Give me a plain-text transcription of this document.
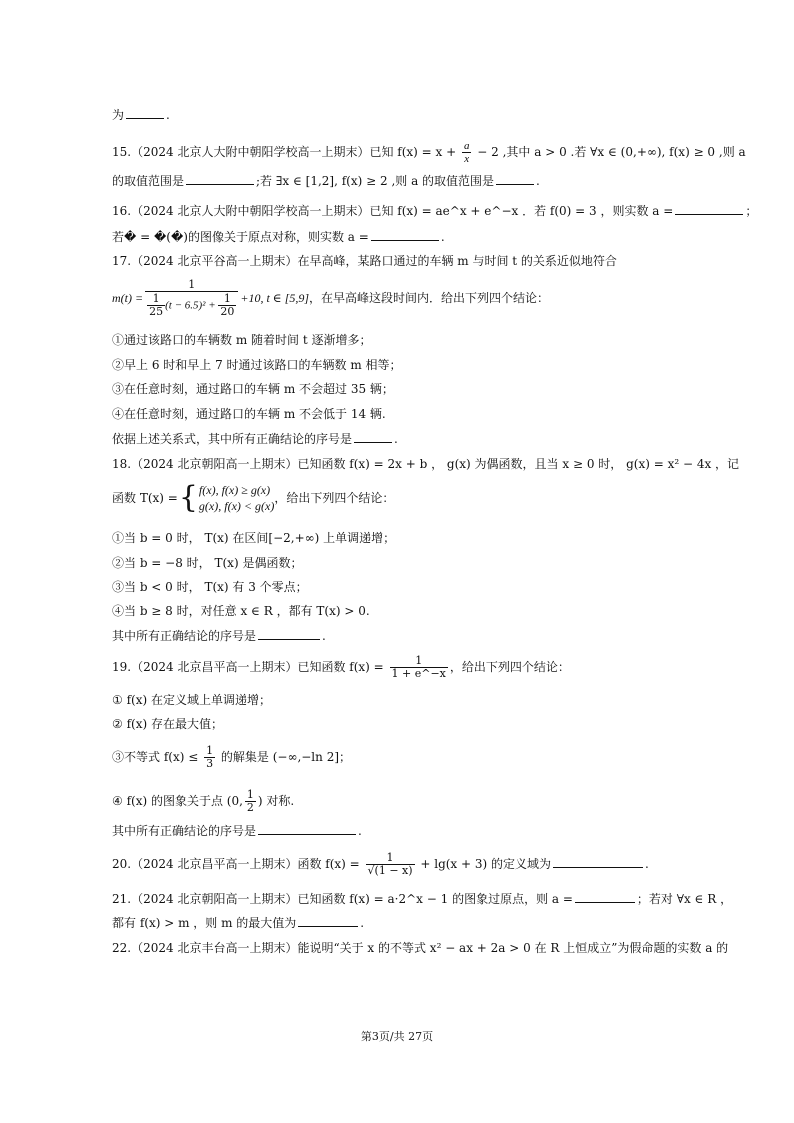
为	.
15.（2024 北京人大附中朝阳学校高一上期末）已知 $f(x) = x + \frac{a}{x} - 2$ ,其中 a > 0 .若 ∀x ∈ (0,+∞), f(x) ≥ 0 ,则 a
的取值范围是	;若 ∃x ∈ [1,2], f(x) ≥ 2 ,则 a 的取值范围是	.
16.（2024 北京人大附中朝阳学校高一上期末）已知 f(x) = ae^x + e^−x ．若 f(0) = 3 ，则实数 a =	；
若� = �(�)的图像关于原点对称，则实数 a =	.
17.（2024 北京平谷高一上期末）在早高峰，某路口通过的车辆 m 与时间 t 的关系近似地符合
$m(t) = \frac{1}{\frac{1}{25} (t - 6.5)^2 + \frac{1}{20}} +10$, t ∈ [5,9] ，在早高峰这段时间内．给出下列四个结论：
①通过该路口的车辆数 m 随着时间 t 逐渐增多；
②早上 6 时和早上 7 时通过该路口的车辆数 m 相等；
③在任意时刻，通过路口的车辆 m 不会超过 35 辆；
④在任意时刻，通过路口的车辆 m 不会低于 14 辆.
依据上述关系式，其中所有正确结论的序号是	.
18.（2024 北京朝阳高一上期末）已知函数 f(x) = 2x + b ， g(x) 为偶函数，且当 x ≥ 0 时， g(x) = x² − 4x ，记
函数 T(x) = { f(x), f(x) ≥ g(x)
g(x), f(x) < g(x)
，给出下列四个结论：
①当 b = 0 时， T(x) 在区间[−2,+∞) 上单调递增；
②当 b = −8 时， T(x) 是偶函数；
③当 b < 0 时， T(x) 有 3 个零点；
④当 b ≥ 8 时，对任意 x ∈ R ，都有 T(x) > 0.
其中所有正确结论的序号是	.
19.（2024 北京昌平高一上期末）已知函数 $f(x) = \frac{1}{1 + e\^{}-x}$ ，给出下列四个结论：
① f(x) 在定义域上单调递增；
② f(x) 存在最大值；
③不等式 $f(x) \le \frac{1}{3}$ 的解集是 (−∞,−ln 2]；
④ f(x) 的图象关于点 (0, $\frac{1}{2}$ ) 对称.
其中所有正确结论的序号是	.
20.（2024 北京昌平高一上期末）函数 $f(x) = \frac{1}{√(1 - x)} + \lg(x + 3)$ 的定义域为	.
21.（2024 北京朝阳高一上期末）已知函数 f(x) = a·2^x − 1 的图象过原点，则 a =	；若对 ∀x ∈ R ，
都有 f(x) > m ，则 m 的最大值为	.
22.（2024 北京丰台高一上期末）能说明“关于 x 的不等式 x² − ax + 2a > 0 在 R 上恒成立”为假命题的实数 a 的
第3页/共 27页
